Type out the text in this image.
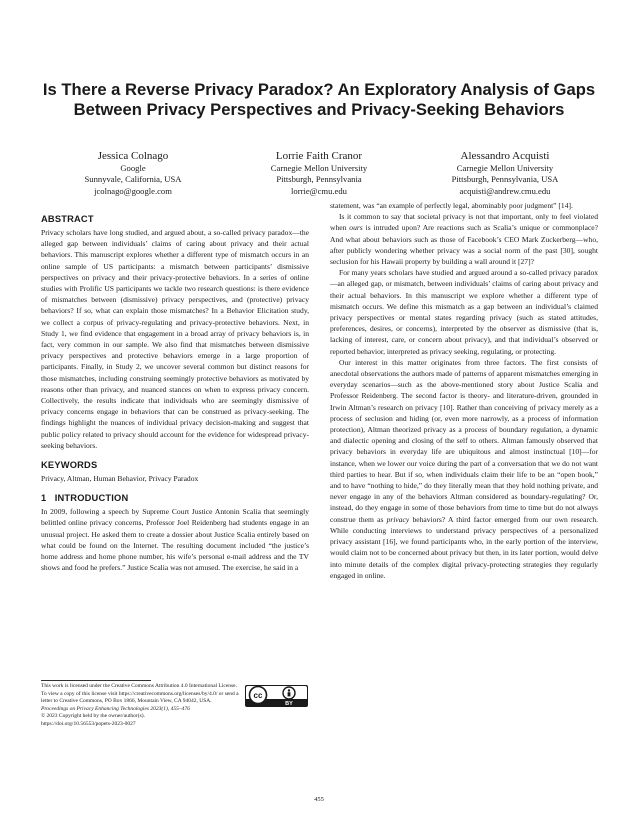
Is There a Reverse Privacy Paradox? An Exploratory Analysis of Gaps Between Privacy Perspectives and Privacy-Seeking Behaviors
Jessica Colnago
Google
Sunnyvale, California, USA
jcolnago@google.com
Lorrie Faith Cranor
Carnegie Mellon University
Pittsburgh, Pennsylvania
lorrie@cmu.edu
Alessandro Acquisti
Carnegie Mellon University
Pittsburgh, Pennsylvania, USA
acquisti@andrew.cmu.edu
ABSTRACT

Privacy scholars have long studied, and argued about, a so-called privacy paradox—the alleged gap between individuals’ claims of caring about privacy and their actual behaviors. This manuscript explores whether a different type of mismatch occurs in an online sample of US participants: a mismatch between participants’ dismissive perspectives on privacy and their privacy-protective behaviors. In a series of online studies with Prolific US participants we tackle two research questions: is there evidence of mismatches between (dismissive) privacy perspectives, and (protective) privacy behaviors? If so, what can explain those mismatches? In a Behavior Elicitation study, we collect a corpus of privacy-regulating and privacy-protective behaviors. Next, in Study 1, we find evidence that engagement in a broad array of privacy behaviors is, in fact, very common in our sample. We also find that mismatches between dismissive privacy perspectives and protective behaviors emerge in a large proportion of participants. Finally, in Study 2, we uncover several common but distinct reasons for those mismatches, including construing seemingly protective behaviors as motivated by reasons other than privacy, and nuanced stances on when to express privacy concern. Collectively, the results indicate that individuals who are seemingly dismissive of privacy concerns engage in behaviors that can be construed as privacy-seeking. The findings highlight the nuances of individual privacy decision-making and suggest that public policy related to privacy should account for the evidence for widespread privacy-seeking behaviors.

KEYWORDS

Privacy, Altman, Human Behavior, Privacy Paradox

1   INTRODUCTION

In 2009, following a speech by Supreme Court Justice Antonin Scalia that seemingly belittled online privacy concerns, Professor Joel Reidenberg had students engage in an unusual project. He asked them to create a dossier about Justice Scalia entirely based on what could be found on the Internet. The resulting document included “the justice’s home address and home phone number, his wife’s personal e-mail address and the TV shows and food he prefers.” Justice Scalia was not amused. The exercise, he said in a

This work is licensed under the Creative Commons Attribution 4.0 International License. To view a copy of this license visit https://creativecommons.org/licenses/by/4.0/ or send a letter to Creative Commons, PO Box 1866, Mountain View, CA 94042, USA.
Proceedings on Privacy Enhancing Technologies 2023(1), 455–476
© 2023 Copyright held by the owner/author(s).
https://doi.org/10.56553/popets-2023-0027
cc
BY

statement, was “an example of perfectly legal, abominably poor judgment” [14].

Is it common to say that societal privacy is not that important, only to feel violated when ours is intruded upon? Are reactions such as Scalia’s unique or commonplace? And what about behaviors such as those of Facebook’s CEO Mark Zuckerberg—who, after publicly wondering whether privacy was a social norm of the past [30], sought seclusion for his Hawaii property by building a wall around it [27]?

For many years scholars have studied and argued around a so-called privacy paradox—an alleged gap, or mismatch, between individuals’ claims of caring about privacy and their actual behaviors. In this manuscript we explore whether a different type of mismatch occurs. We define this mismatch as a gap between an individual’s claimed privacy perspectives or mental states regarding privacy (such as stated attitudes, preferences, desires, or concerns), interpreted by the observer as dismissive (that is, lacking of interest, care, or concern about privacy), and that individual’s observed or reported behavior, interpreted as privacy seeking, regulating, or protecting.

Our interest in this matter originates from three factors. The first consists of anecdotal observations the authors made of patterns of apparent mismatches emerging in everyday scenarios—such as the above-mentioned story about Justice Scalia and Professor Reidenberg. The second factor is theory- and literature-driven, grounded in Irwin Altman’s research on privacy [10]. Rather than conceiving of privacy merely as a process of seclusion and hiding (or, even more narrowly, as a process of information protection), Altman theorized privacy as a process of boundary regulation, a dynamic and dialectic opening and closing of the self to others. Altman famously observed that privacy behaviors in everyday life are ubiquitous and almost instinctual [10]—for instance, when we lower our voice during the part of a conversation that we do not want third parties to hear. But if so, when individuals claim their life to be an “open book,” and to have “nothing to hide,” do they literally mean that they hold nothing private, and never engage in any of the behaviors Altman considered as boundary-regulating? Or, instead, do they engage in some of those behaviors from time to time but do not always construe them as privacy behaviors? A third factor emerged from our own research. While conducting interviews to understand privacy perspectives of a personalized privacy assistant [16], we found participants who, in the early portion of the interview, would claim not to be concerned about privacy but then, in its later portion, would delve into minute details of the complex digital privacy-protecting strategies they regularly engaged in online.

455
